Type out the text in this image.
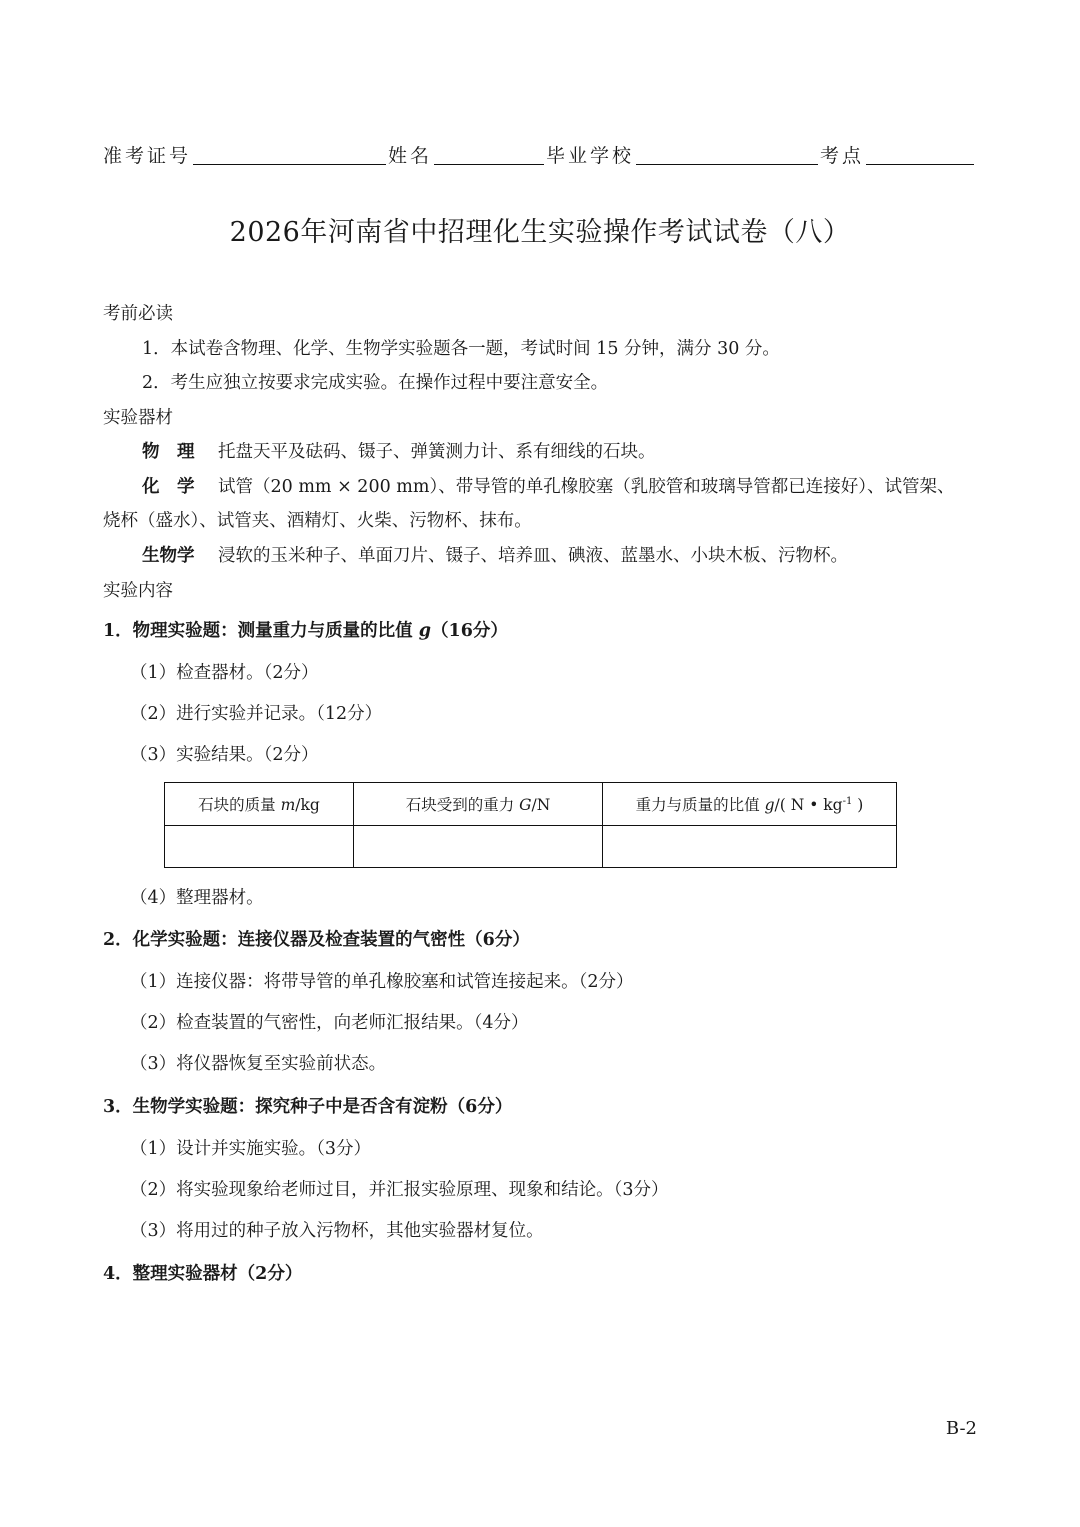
准考证号	姓名	毕业学校	考点
2026年河南省中招理化生实验操作考试试卷（八）
考前必读
1．本试卷含物理、化学、生物学实验题各一题，考试时间 15 分钟，满分 30 分。
2．考生应独立按要求完成实验。在操作过程中要注意安全。
实验器材
物　理 托盘天平及砝码、镊子、弹簧测力计、系有细线的石块。
化　学 试管（20 mm × 200 mm）、带导管的单孔橡胶塞（乳胶管和玻璃导管都已连接好）、试管架、
烧杯（盛水）、试管夹、酒精灯、火柴、污物杯、抹布。
生物学 浸软的玉米种子、单面刀片、镊子、培养皿、碘液、蓝墨水、小块木板、污物杯。
实验内容
1．物理实验题：测量重力与质量的比值 g（16分）
（1）检查器材。（2分）
（2）进行实验并记录。（12分）
（3）实验结果。（2分）
石块的质量 m/kg	石块受到的重力 G/N	重力与质量的比值 g/( N • $kg^{-1}$ )

（4）整理器材。
2．化学实验题：连接仪器及检查装置的气密性（6分）
（1）连接仪器：将带导管的单孔橡胶塞和试管连接起来。（2分）
（2）检查装置的气密性，向老师汇报结果。（4分）
（3）将仪器恢复至实验前状态。
3．生物学实验题：探究种子中是否含有淀粉（6分）
（1）设计并实施实验。（3分）
（2）将实验现象给老师过目，并汇报实验原理、现象和结论。（3分）
（3）将用过的种子放入污物杯，其他实验器材复位。
4．整理实验器材（2分）
B-2
